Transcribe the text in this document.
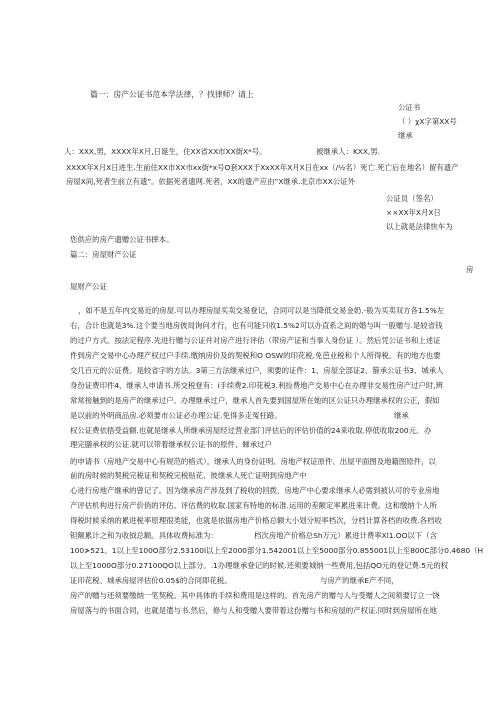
篇一：房产公证书范本学法律，？找律师？请上
公证书
（ ）χX字第XX号
继承
人：XXX,男，XXXX年X月,日诞生，住XX省XX市XX街X*号。	被继承人：KXX,男.
XXXX年X月X日进生.生前住XX市XX市xx街*x号O套XXX于XxXX年X月X日在xx（/½名）死亡.死亡后在地名）留有遗产
房屋X间,死者生前立有遗”。依据死者遗网.死者，XX的遗产应由”X继承.北京市XX公证外
公证员（签名）
××XX年X月X日
以上就是法律快车为
您供应的房产遗赠公证书摔本。
篇二：房屋财产公证
房
屋财产公证
，如不是五年内交易近的房屋.可以办理房屋买卖交易登记，合同可以是当降低交易金奶.-般为买卖双方各1.5%左
右，合计也就是3%.这个要当地房彼局询问才行，也有可能只收1.5%2可以办直系之间的婚与叫一般赠与.是较省钱
的过户方式。按法定程序.先进行赠与公证并对房产进行评估（带房产证和当事人身份证 ）。然后凭公证书和上述证
件到房产交易中心办理产权过户手续.缴纳房价及的契税和O OSW的印花税.免芭业税和个人所得税。有的地方也要
交几百元的公证费。是较省字的方法。3第三方法继承过户，须要的证件：1、房屋全部证2、箍承公证书3、城承人
身份证费印件4、继承人申请书.所交税登有：i手续费2.印花税3.利捡费地产交易中心在办理非交易性房产过户时,辨
常常接触到的是房产的继承过户。办理继承过户，继承人首先要到国屋所在她的区公证只办理继承权的公正，假如
是以前的外明商品房.必须要市公证必办理公证.免得多走冤枉路。	继承
权公证费依捂受益额.也就是继承人所继承房屋经过营业部门评估后的评估价值的24来收取.停低收取200元。 办
理完膳承权的公证.就可以带着继承权公证书的原件、睇承过户
的申请书（房地产交易中心有规范的格式）。继承人的身份证明、房地产权证原件、出屋平面图及地籍图原件，以
前的房时候的契税完税证和契税完税贴花、彼继承人死亡证明到房地产中
心进行房地产继承的曾记了。因为继承房产涉及到了税收的回拨，房地产中心要求继承人必需到被认可的专业房地
产评估机构进行房产价俏的评估。评估费的收取.国家有特地的标准.运用的差额定率累进来计费。这和缴纳个人所
得税时候采纳的累进税率原理很类能，也就是依据房地产价格总额大小划分短率档次，分档计算各档的收费.各档收
钽额累计之和为收钺总额。具体收费标准为：	档次房地产价格总Sh万元）累进计费率Xl1.OO以下（含
100≯521。1以上至100O部分2.53100l以上至2000部分1.542001以上至5000部分0.855001以上至800C部分0.4680（H
以上至1000O部分0.27100QO以上部分。.1办理继承登记的时候.还须要城纳一些费用,包括QO元的登记费.5元的权
证印花税、城承房屋评估价0.05$的合同即花税。	与房产的继承E产不同，
房产的赠与还须要缴纳一笔契税。其中具体的手续和费用是这样的。首先房产的赠与人与受赠人之间须要订立一饶
房屋落与的书面合同，也就是遣与书.然后，修与人和受赠人要带着这份赠与书和房屋的产权证.同时到房屋所在地
